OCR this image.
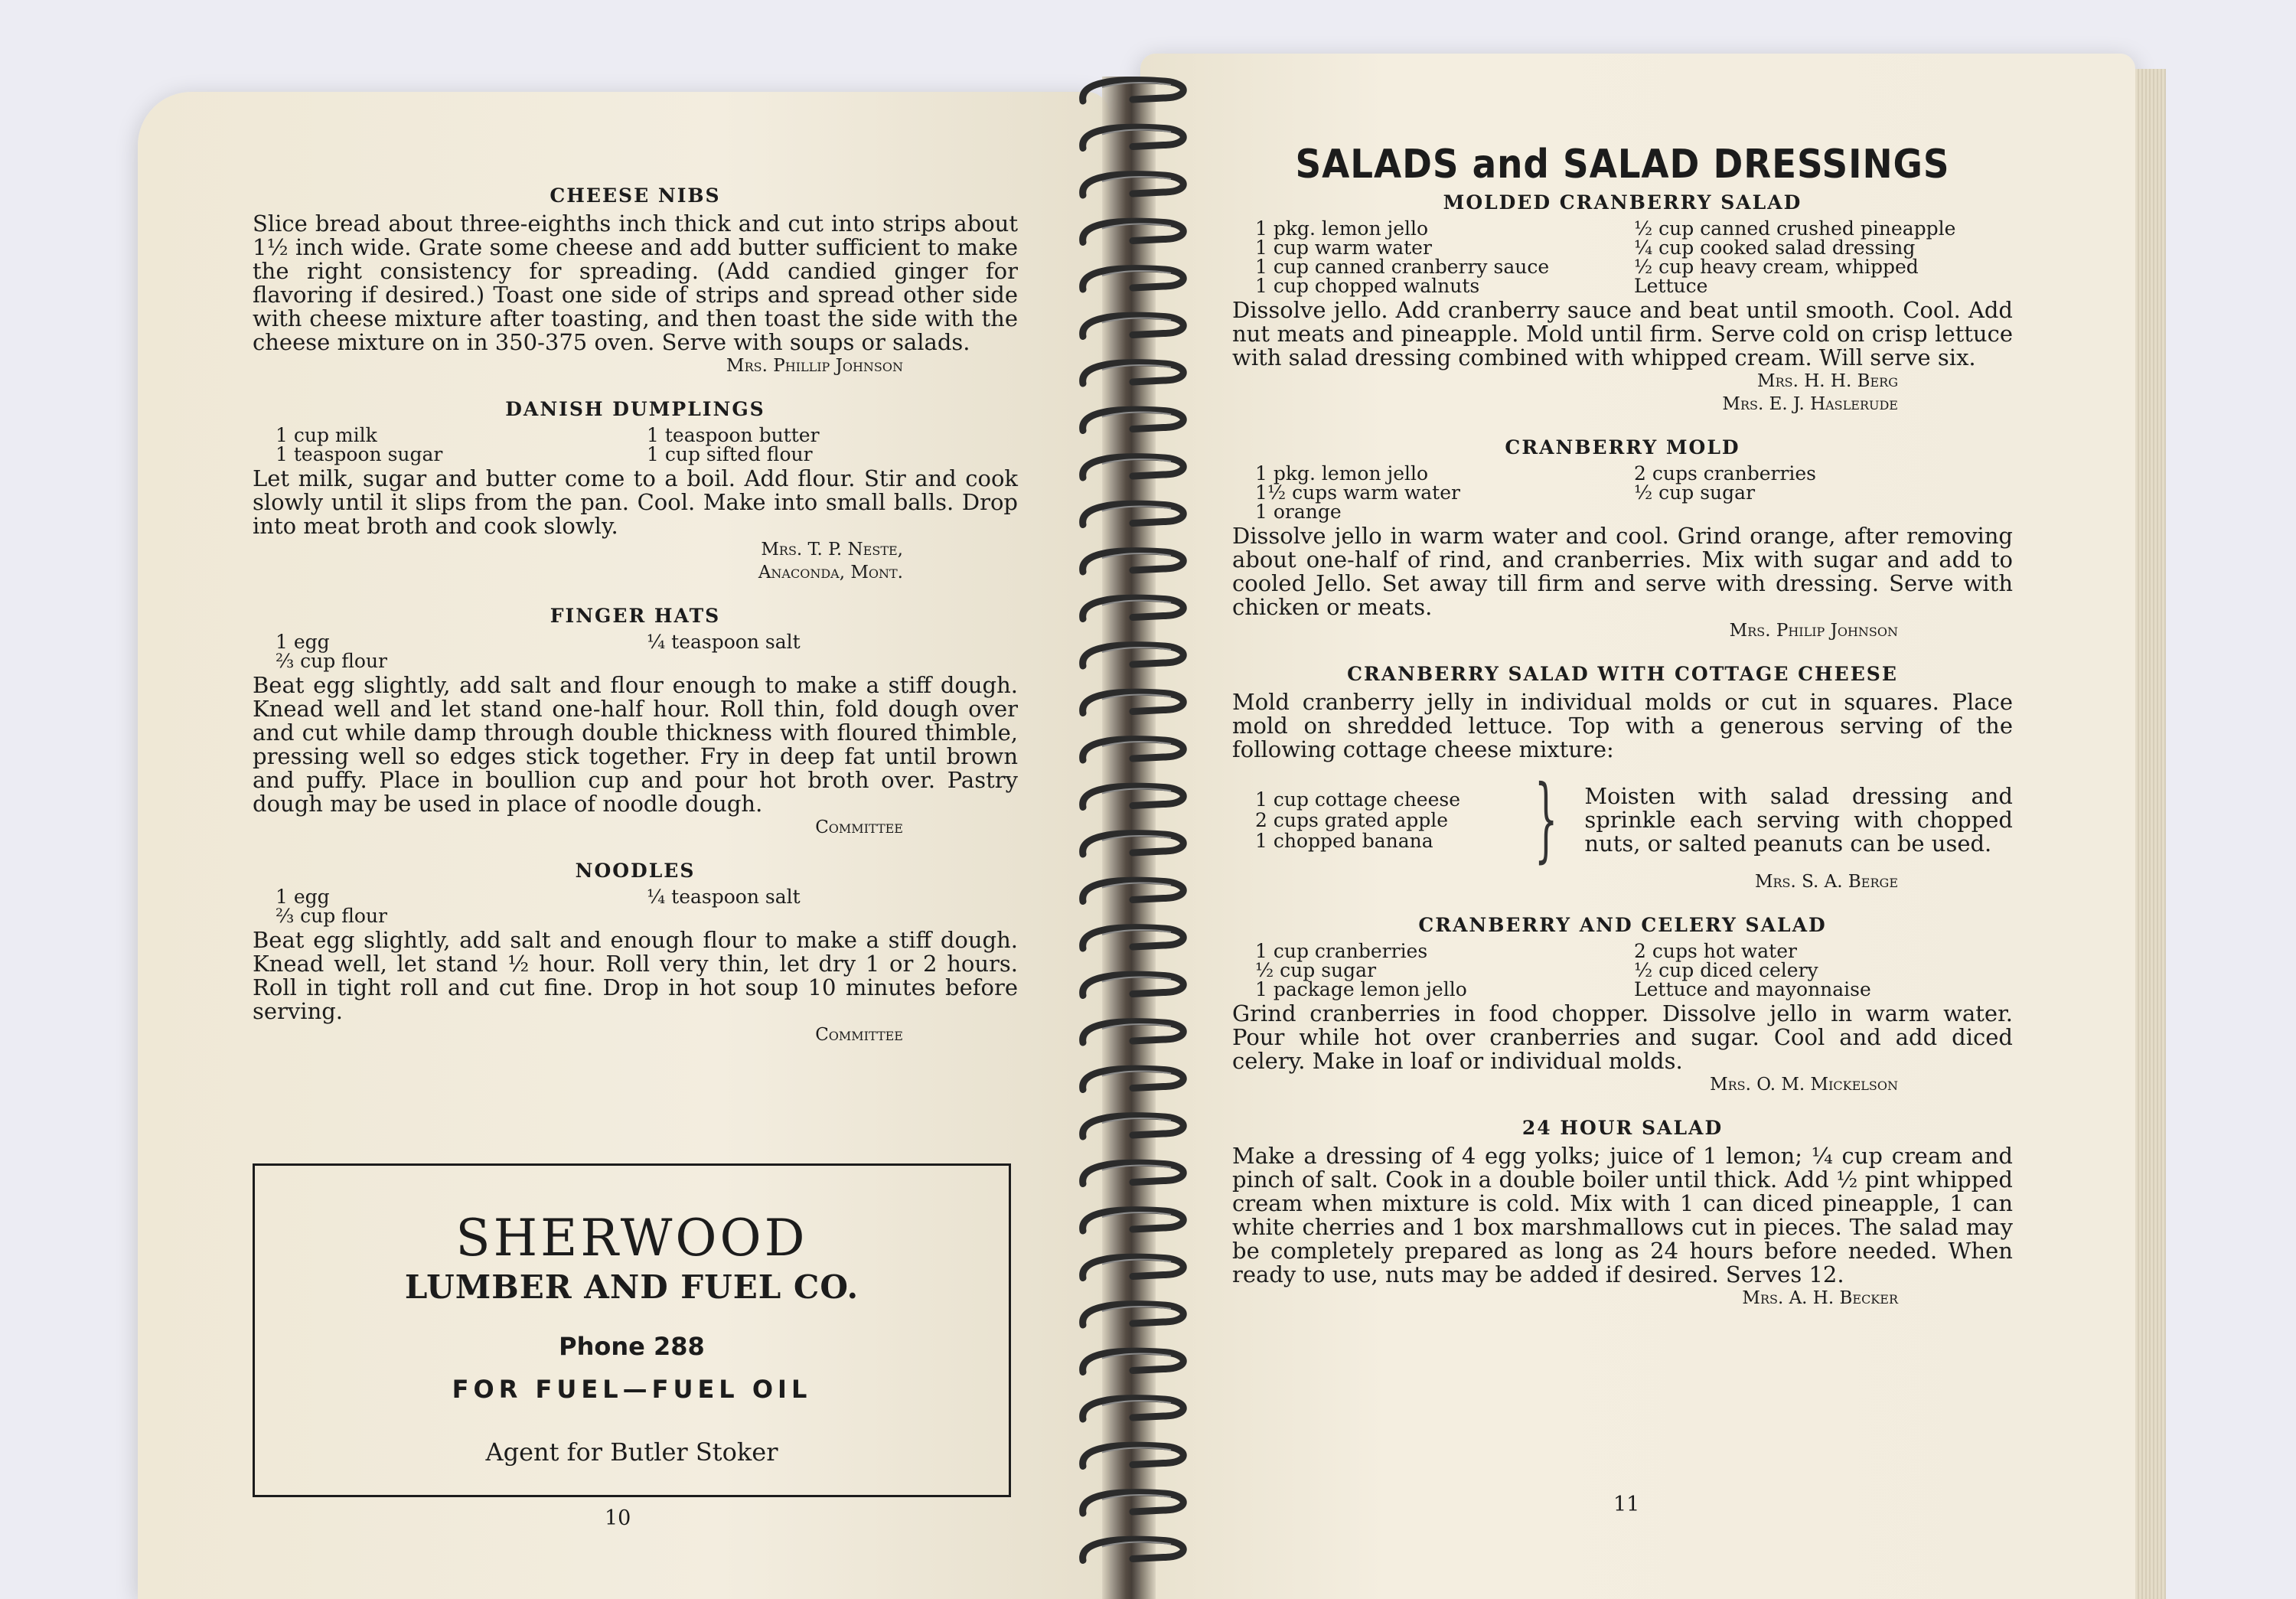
CHEESE NIBS

Slice bread about three-eighths inch thick and cut into strips about 1½ inch wide. Grate some cheese and add butter sufficient to make the right consistency for spreading. (Add candied ginger for flavoring if desired.) Toast one side of strips and spread other side with cheese mixture after toasting, and then toast the side with the cheese mixture on in 350-375 oven. Serve with soups or salads.

Mrs. Phillip Johnson
DANISH DUMPLINGS
1 cup milk
1 teaspoon sugar
1 teaspoon butter
1 cup sifted flour

Let milk, sugar and butter come to a boil. Add flour. Stir and cook slowly until it slips from the pan. Cool. Make into small balls. Drop into meat broth and cook slowly.

Mrs. T. P. Neste,
Anaconda, Mont.
FINGER HATS
1 egg
⅔ cup flour
¼ teaspoon salt

Beat egg slightly, add salt and flour enough to make a stiff dough. Knead well and let stand one-half hour. Roll thin, fold dough over and cut while damp through double thickness with floured thimble, pressing well so edges stick together. Fry in deep fat until brown and puffy. Place in boullion cup and pour hot broth over. Pastry dough may be used in place of noodle dough.

Committee
NOODLES
1 egg
⅔ cup flour
¼ teaspoon salt

Beat egg slightly, add salt and enough flour to make a stiff dough. Knead well, let stand ½ hour. Roll very thin, let dry 1 or 2 hours. Roll in tight roll and cut fine. Drop in hot soup 10 minutes before serving.

Committee
SHERWOOD
LUMBER AND FUEL CO.
Phone 288
FOR FUEL—FUEL OIL
Agent for Butler Stoker
10
SALADS and SALAD DRESSINGS
MOLDED CRANBERRY SALAD
1 pkg. lemon jello
1 cup warm water
1 cup canned cranberry sauce
1 cup chopped walnuts
½ cup canned crushed pineapple
¼ cup cooked salad dressing
½ cup heavy cream, whipped
Lettuce

Dissolve jello. Add cranberry sauce and beat until smooth. Cool. Add nut meats and pineapple. Mold until firm. Serve cold on crisp lettuce with salad dressing combined with whipped cream. Will serve six.

Mrs. H. H. Berg
Mrs. E. J. Haslerude
CRANBERRY MOLD
1 pkg. lemon jello
1½ cups warm water
1 orange
2 cups cranberries
½ cup sugar

Dissolve jello in warm water and cool. Grind orange, after removing about one-half of rind, and cranberries. Mix with sugar and add to cooled Jello. Set away till firm and serve with dressing. Serve with chicken or meats.

Mrs. Philip Johnson
CRANBERRY SALAD WITH COTTAGE CHEESE

Mold cranberry jelly in individual molds or cut in squares. Place mold on shredded lettuce. Top with a generous serving of the following cottage cheese mixture:

1 cup cottage cheese
2 cups grated apple
1 chopped banana	} Moisten with salad dressing and sprinkle each serving with chopped nuts, or salted peanuts can be used.
Mrs. S. A. Berge
CRANBERRY AND CELERY SALAD
1 cup cranberries
½ cup sugar
1 package lemon jello
2 cups hot water
½ cup diced celery
Lettuce and mayonnaise

Grind cranberries in food chopper. Dissolve jello in warm water. Pour while hot over cranberries and sugar. Cool and add diced celery. Make in loaf or individual molds.

Mrs. O. M. Mickelson
24 HOUR SALAD

Make a dressing of 4 egg yolks; juice of 1 lemon; ¼ cup cream and pinch of salt. Cook in a double boiler until thick. Add ½ pint whipped cream when mixture is cold. Mix with 1 can diced pineapple, 1 can white cherries and 1 box marshmallows cut in pieces. The salad may be completely prepared as long as 24 hours before needed. When ready to use, nuts may be added if desired. Serves 12.

Mrs. A. H. Becker
11
